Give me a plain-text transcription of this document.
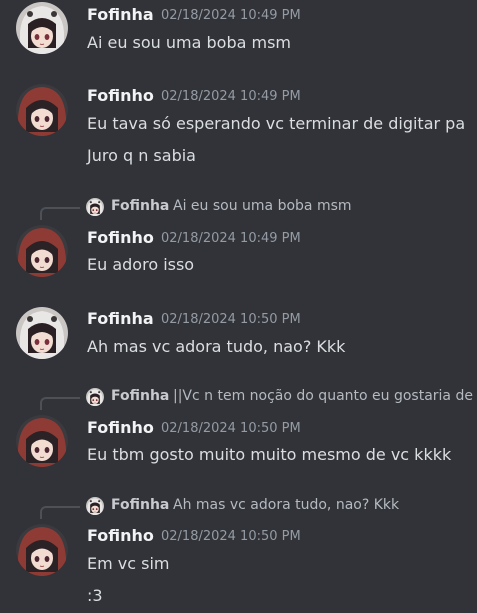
Fofinha 02/18/2024 10:49 PM
Ai eu sou uma boba msm
Fofinho 02/18/2024 10:49 PM
Eu tava só esperando vc terminar de digitar pa
Juro q n sabia
Fofinha Ai eu sou uma boba msm
Fofinho 02/18/2024 10:49 PM
Eu adoro isso
Fofinha 02/18/2024 10:50 PM
Ah mas vc adora tudo, nao? Kkk
Fofinha ||Vc n tem noção do quanto eu gostaria de
Fofinho 02/18/2024 10:50 PM
Eu tbm gosto muito muito mesmo de vc kkkk
Fofinha Ah mas vc adora tudo, nao? Kkk
Fofinho 02/18/2024 10:50 PM
Em vc sim
:3
